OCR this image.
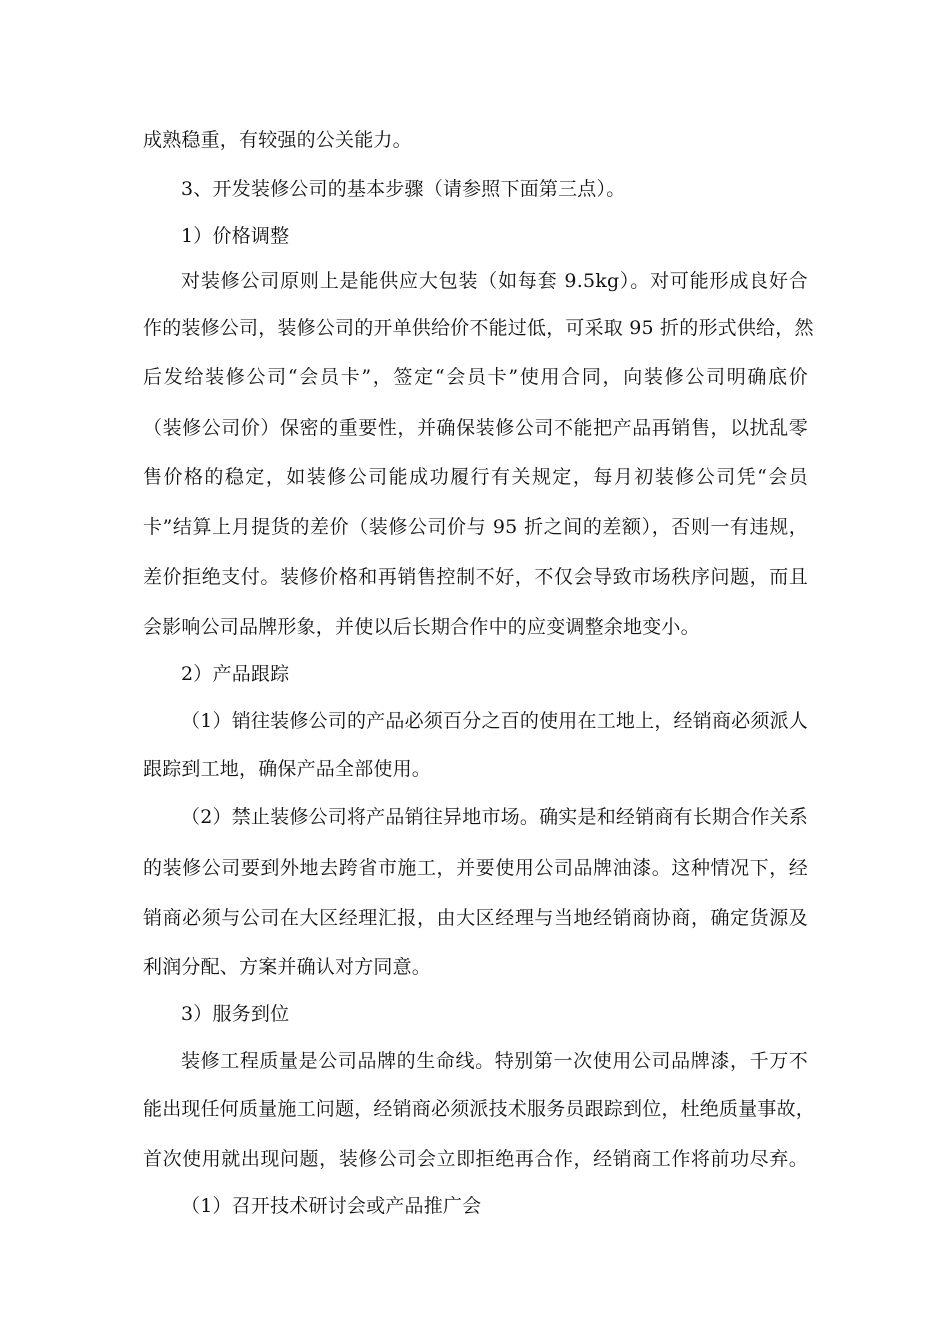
成熟稳重，有较强的公关能力。
3、开发装修公司的基本步骤（请参照下面第三点）。
1）价格调整
对装修公司原则上是能供应大包装（如每套 9.5kg）。对可能形成良好合
作的装修公司，装修公司的开单供给价不能过低，可采取 95 折的形式供给，然
后发给装修公司“会员卡”，签定“会员卡”使用合同，向装修公司明确底价
（装修公司价）保密的重要性，并确保装修公司不能把产品再销售，以扰乱零
售价格的稳定，如装修公司能成功履行有关规定，每月初装修公司凭“会员
卡”结算上月提货的差价（装修公司价与 95 折之间的差额），否则一有违规，
差价拒绝支付。装修价格和再销售控制不好，不仅会导致市场秩序问题，而且
会影响公司品牌形象，并使以后长期合作中的应变调整余地变小。
2）产品跟踪
（1）销往装修公司的产品必须百分之百的使用在工地上，经销商必须派人
跟踪到工地，确保产品全部使用。
（2）禁止装修公司将产品销往异地市场。确实是和经销商有长期合作关系
的装修公司要到外地去跨省市施工，并要使用公司品牌油漆。这种情况下，经
销商必须与公司在大区经理汇报，由大区经理与当地经销商协商，确定货源及
利润分配、方案并确认对方同意。
3）服务到位
装修工程质量是公司品牌的生命线。特别第一次使用公司品牌漆，千万不
能出现任何质量施工问题，经销商必须派技术服务员跟踪到位，杜绝质量事故，
首次使用就出现问题，装修公司会立即拒绝再合作，经销商工作将前功尽弃。
（1）召开技术研讨会或产品推广会
